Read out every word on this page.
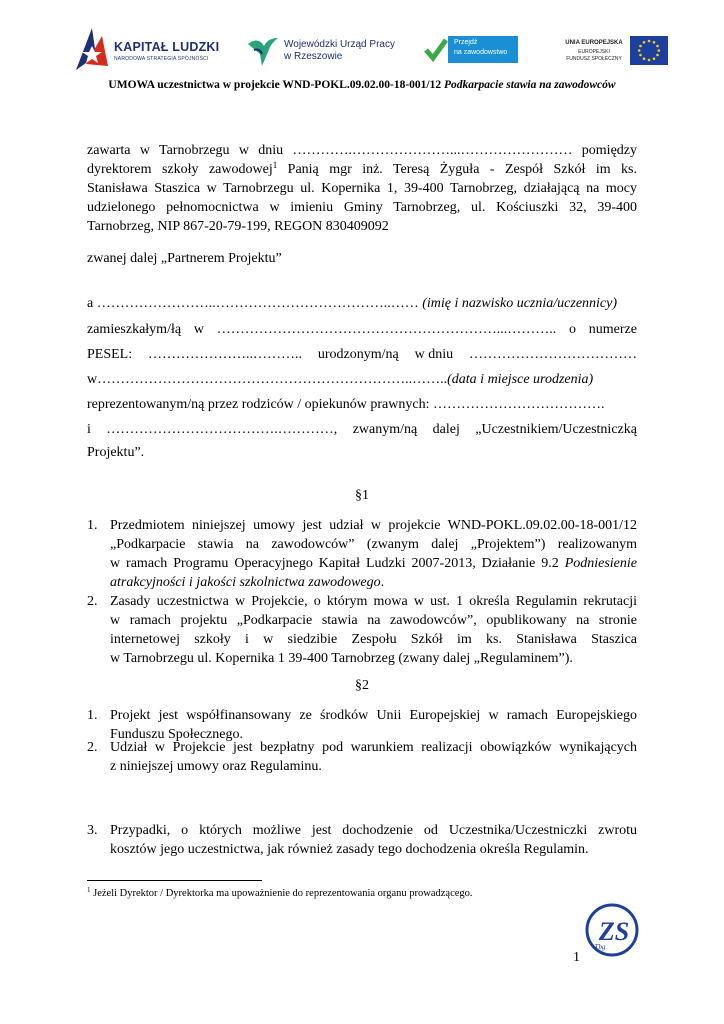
KAPITAŁ LUDZKI
NARODOWA STRATEGIA SPÓJNOŚCI
Wojewódzki Urząd Pracy
w Rzeszowie
Przejdź
na zawodowstwo
UNIA EUROPEJSKA
EUROPEJSKI
FUNDUSZ SPOŁECZNY
UMOWA uczestnictwa w projekcie WND-POKL.09.02.00-18-001/12 Podkarpacie stawia na zawodowców
zawarta w Tarnobrzegu w dniu ………….…………………...…………………… pomiędzy
dyrektorem szkoły zawodowej$^1$ Panią mgr inż. Teresą Żyguła - Zespół Szkół im ks.
Stanisława Staszica w Tarnobrzegu ul. Kopernika 1, 39-400 Tarnobrzeg, działającą na mocy
udzielonego pełnomocnictwa w imieniu Gminy Tarnobrzeg, ul. Kościuszki 32, 39-400
Tarnobrzeg, NIP 867-20-79-199, REGON 830409092
zwanej dalej „Partnerem Projektu”
a ……………………..………………………………..…… (imię i nazwisko ucznia/uczennicy)
zamieszkałym/łą w ……………………………………………………...……….. o numerze
PESEL: …………………..……….. urodzonym/ną w dniu ………………………………
w…………………………………………………………..……..(data i miejsce urodzenia)
reprezentowanym/ną przez rodziców / opiekunów prawnych: ……………………………….
i ……………………………….…………, zwanym/ną dalej „Uczestnikiem/Uczestniczką
Projektu”.
§1
1. Przedmiotem niniejszej umowy jest udział w projekcie WND-POKL.09.02.00-18-001/12
„Podkarpacie stawia na zawodowców” (zwanym dalej „Projektem”) realizowanym
w ramach Programu Operacyjnego Kapitał Ludzki 2007-2013, Działanie 9.2 Podniesienie
atrakcyjności i jakości szkolnictwa zawodowego.
2. Zasady uczestnictwa w Projekcie, o którym mowa w ust. 1 określa Regulamin rekrutacji
w ramach projektu „Podkarpacie stawia na zawodowców”, opublikowany na stronie
internetowej szkoły i w siedzibie Zespołu Szkół im ks. Stanisława Staszica
w Tarnobrzegu ul. Kopernika 1 39-400 Tarnobrzeg (zwany dalej „Regulaminem”).
§2
1. Projekt jest współfinansowany ze środków Unii Europejskiej w ramach Europejskiego
Funduszu Społecznego.
2. Udział w Projekcie jest bezpłatny pod warunkiem realizacji obowiązków wynikających
z niniejszej umowy oraz Regulaminu.
3. Przypadki, o których możliwe jest dochodzenie od Uczestnika/Uczestniczki zwrotu
kosztów jego uczestnictwa, jak również zasady tego dochodzenia określa Regulamin.
$^1$ Jeżeli Dyrektor / Dyrektorka ma upoważnienie do reprezentowania organu prowadzącego.
ZS
Tbg
1
